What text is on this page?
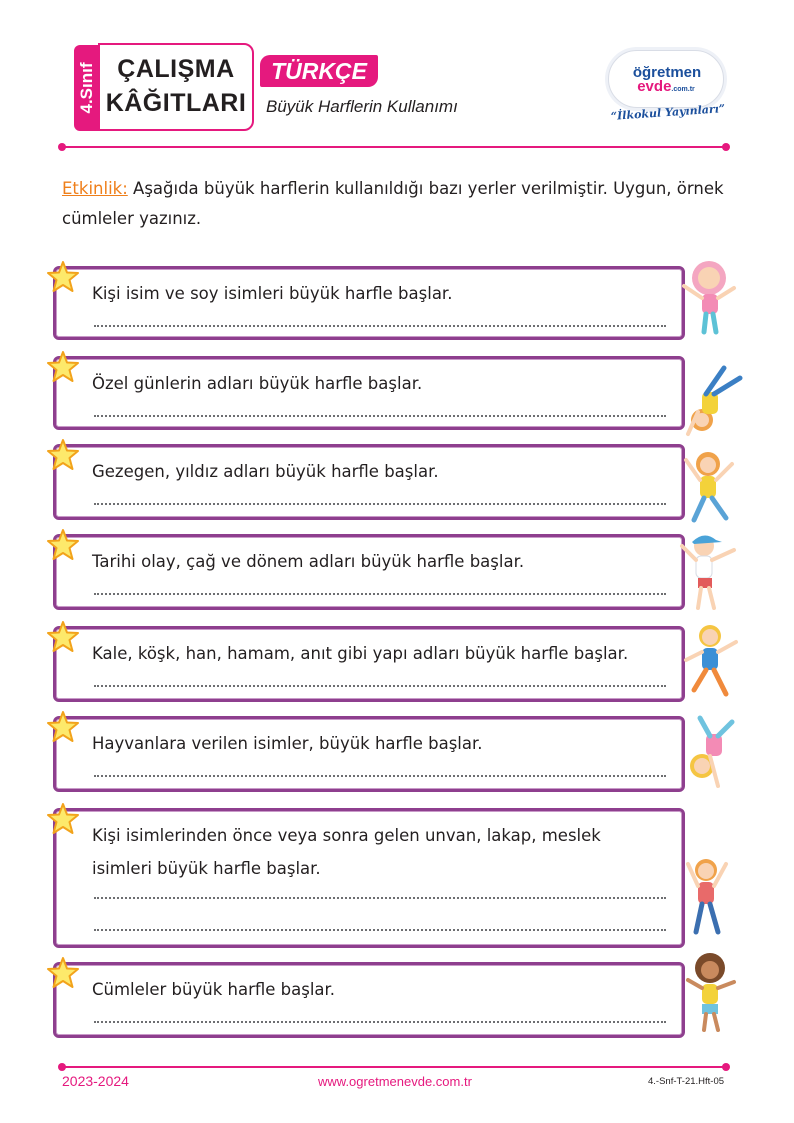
4.Sınıf ÇALIŞMA
KÂĞITLARI
TÜRKÇE
Büyük Harflerin Kullanımı
öğretmen
evde.com.tr
“İlkokul Yayınları”
Etkinlik: Aşağıda büyük harflerin kullanıldığı bazı yerler verilmiştir. Uygun, örnek cümleler yazınız.
Kişi isim ve soy isimleri büyük harfle başlar.
Özel günlerin adları büyük harfle başlar.
Gezegen, yıldız adları büyük harfle başlar.
Tarihi olay, çağ ve dönem adları büyük harfle başlar.
Kale, köşk, han, hamam, anıt gibi yapı adları büyük harfle başlar.
Hayvanlara verilen isimler, büyük harfle başlar.
Kişi isimlerinden önce veya sonra gelen unvan, lakap, meslek isimleri büyük harfle başlar.
Cümleler büyük harfle başlar.
2023-2024	www.ogretmenevde.com.tr	4.-Snf-T-21.Hft-05
